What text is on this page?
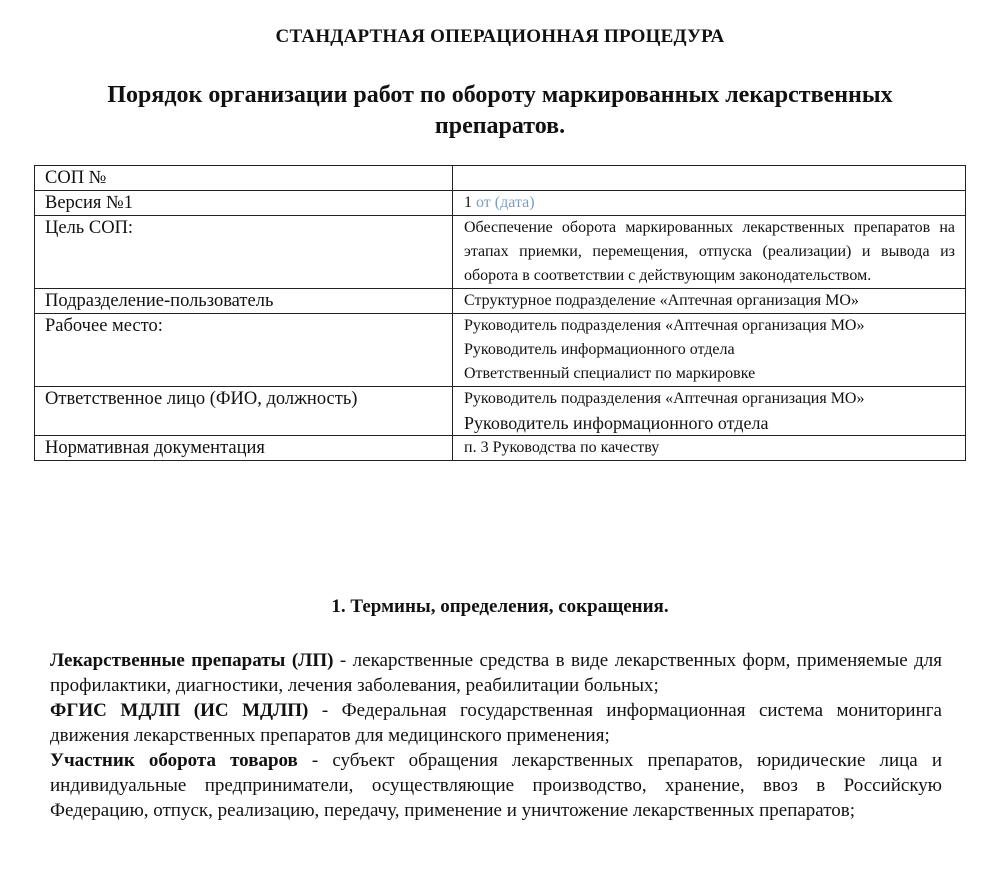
СТАНДАРТНАЯ ОПЕРАЦИОННАЯ ПРОЦЕДУРА
Порядок организации работ по обороту маркированных лекарственных препаратов.
СОП №	
Версия №1	1 от (дата)
Цель СОП:	Обеспечение оборота маркированных лекарственных препаратов на этапах приемки, перемещения, отпуска (реализации) и вывода из оборота в соответствии с действующим законодательством.
Подразделение-пользователь	Структурное подразделение «Аптечная организация МО»
Рабочее место:	Руководитель подразделения «Аптечная организация МО»
Руководитель информационного отдела
Ответственный специалист по маркировке

Ответственное лицо (ФИО, должность)	Руководитель подразделения «Аптечная организация МО»
Руководитель информационного отдела

Нормативная документация	п. 3 Руководства по качеству
1. Термины, определения, сокращения.

Лекарственные препараты (ЛП) - лекарственные средства в виде лекарственных форм, применяемые для профилактики, диагностики, лечения заболевания, реабилитации больных;

ФГИС МДЛП (ИС МДЛП) - Федеральная государственная информационная система мониторинга движения лекарственных препаратов для медицинского применения;

Участник оборота товаров - субъект обращения лекарственных препаратов, юридические лица и индивидуальные предприниматели, осуществляющие производство, хранение, ввоз в Российскую Федерацию, отпуск, реализацию, передачу, применение и уничтожение лекарственных препаратов;
